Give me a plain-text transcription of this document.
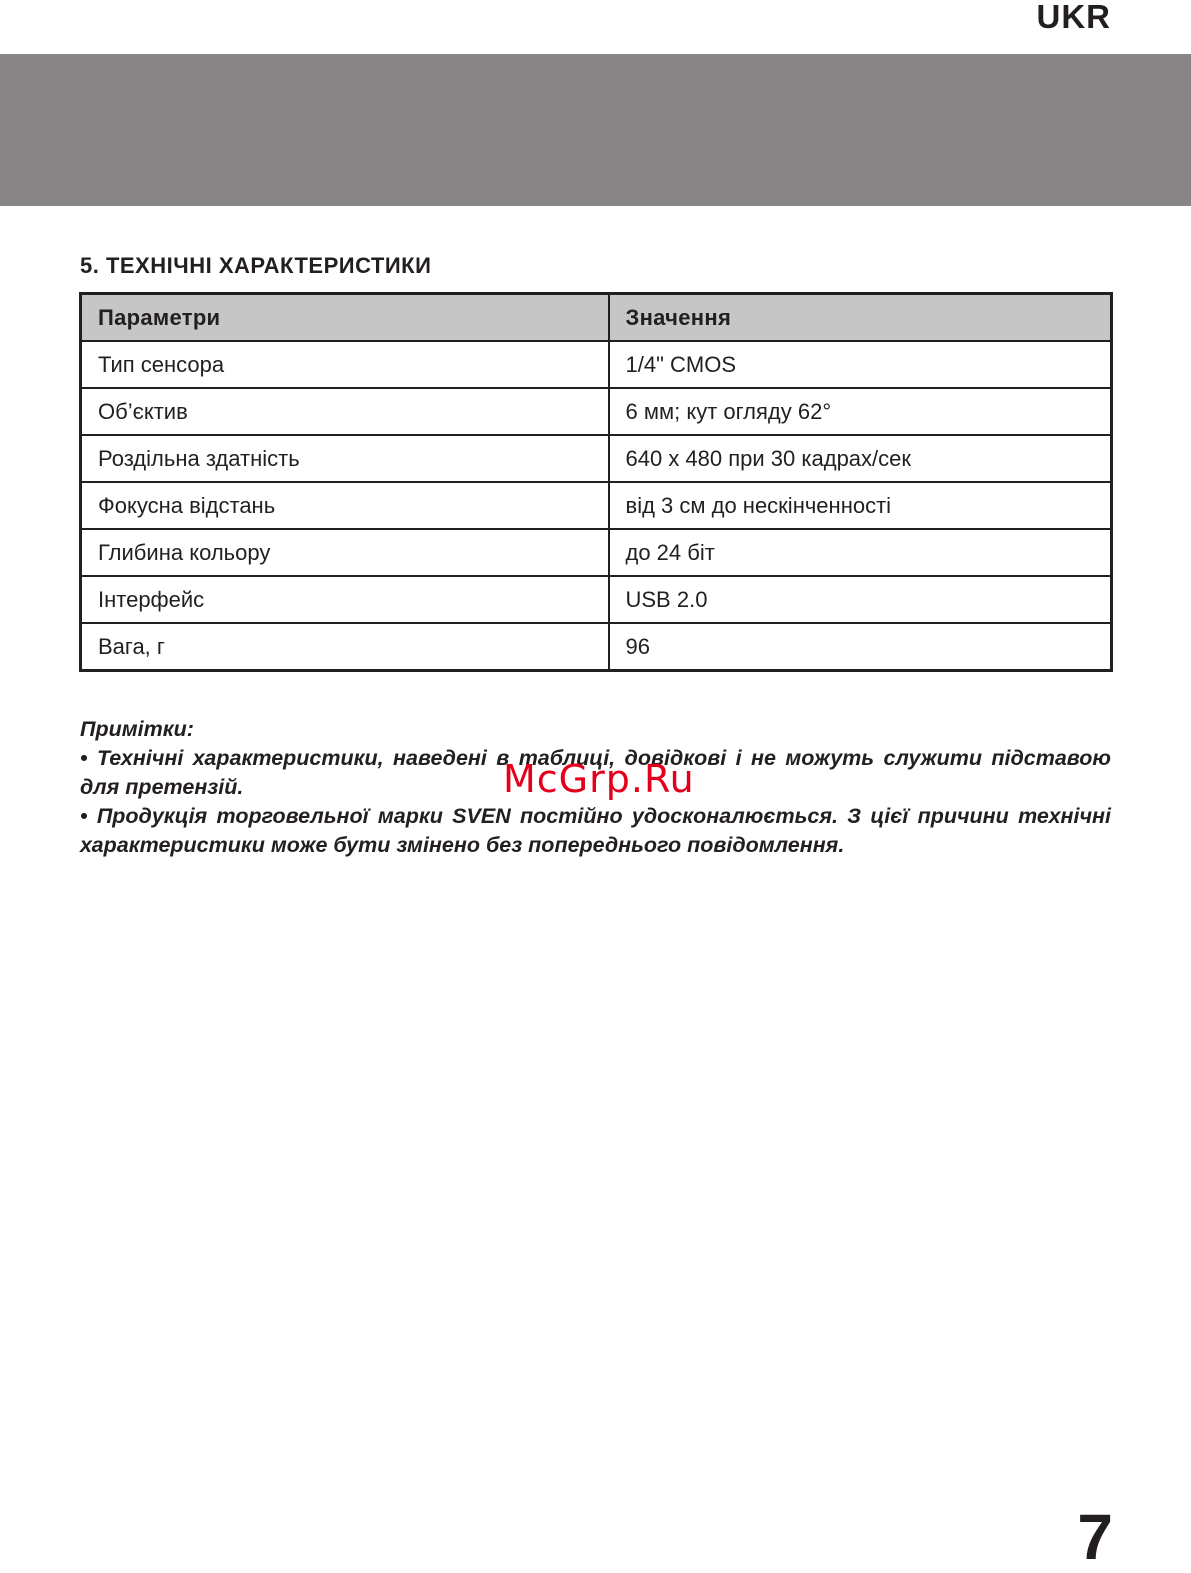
UKR
5. ТЕХНІЧНІ ХАРАКТЕРИСТИКИ
Параметри	Значення
Тип сенсора	1/4" CMOS
Об’єктив	6 мм; кут огляду 62°
Роздільна здатність	640 x 480 при 30 кадрах/сек
Фокусна відстань	від 3 см до нескінченності
Глибина кольору	до 24 біт
Інтерфейс	USB 2.0
Вага, г	96

Примітки:

• Технічні характеристики, наведені в таблиці, довідкові і не можуть служити підставою для претензій.

• Продукція торговельної марки SVEN постійно удосконалюється. З цієї причини технічні характеристики може бути змінено без попереднього повідомлення.

McGrp.Ru
7
